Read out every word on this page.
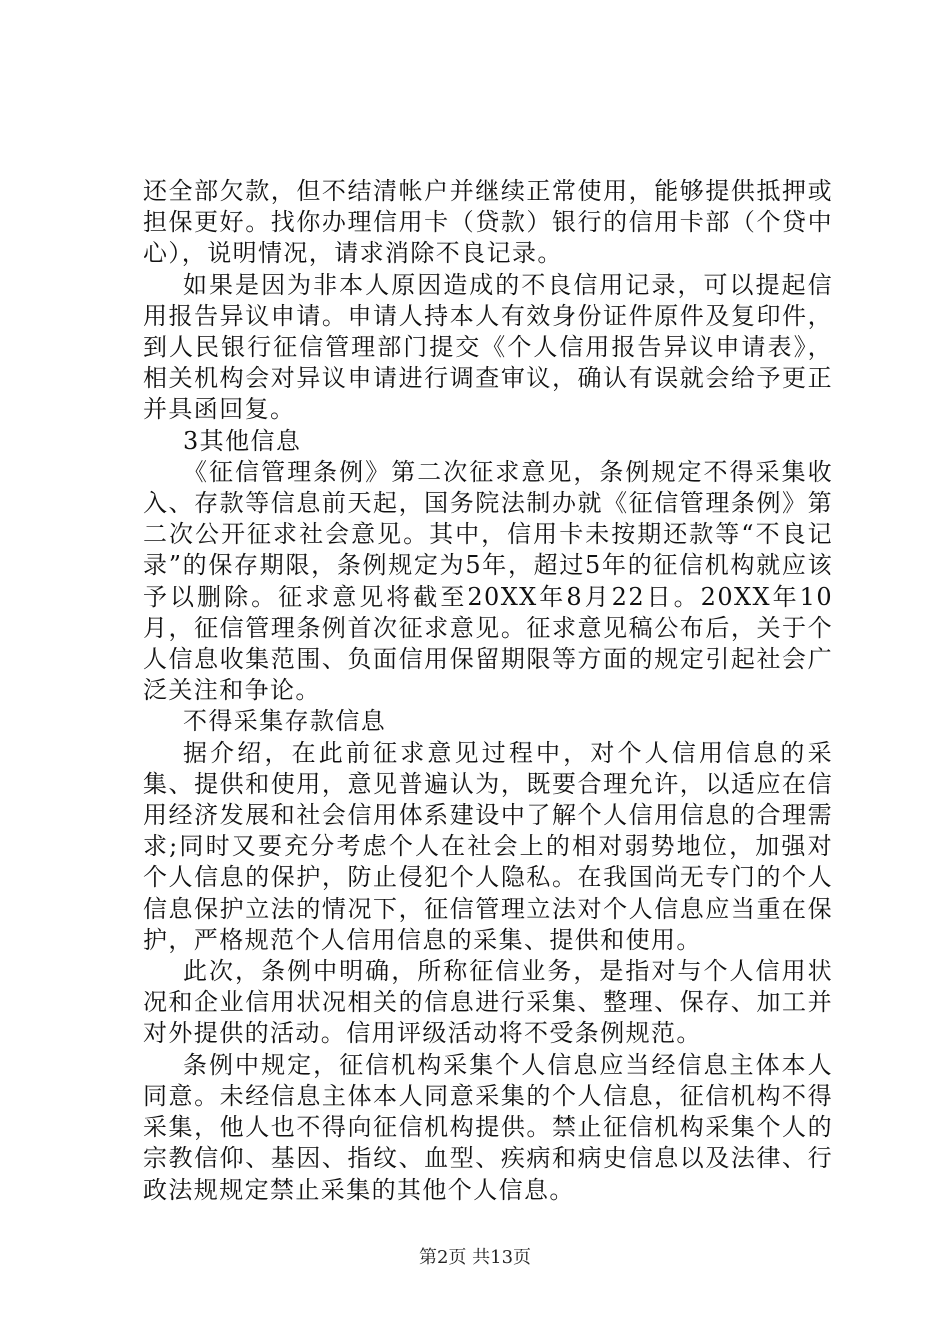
还全部欠款，但不结清帐户并继续正常使用，能够提供抵押或担保更好。找你办理信用卡（贷款）银行的信用卡部（个贷中心），说明情况，请求消除不良记录。

如果是因为非本人原因造成的不良信用记录，可以提起信用报告异议申请。申请人持本人有效身份证件原件及复印件，到人民银行征信管理部门提交《个人信用报告异议申请表》，相关机构会对异议申请进行调查审议，确认有误就会给予更正并具函回复。

3其他信息

《征信管理条例》第二次征求意见，条例规定不得采集收入、存款等信息前天起，国务院法制办就《征信管理条例》第二次公开征求社会意见。其中，信用卡未按期还款等“不良记录”的保存期限，条例规定为5年，超过5年的征信机构就应该予以删除。征求意见将截至20XX年8月22日。20XX年10月，征信管理条例首次征求意见。征求意见稿公布后，关于个人信息收集范围、负面信用保留期限等方面的规定引起社会广泛关注和争论。

不得采集存款信息

据介绍，在此前征求意见过程中，对个人信用信息的采集、提供和使用，意见普遍认为，既要合理允许，以适应在信用经济发展和社会信用体系建设中了解个人信用信息的合理需求;同时又要充分考虑个人在社会上的相对弱势地位，加强对个人信息的保护，防止侵犯个人隐私。在我国尚无专门的个人信息保护立法的情况下，征信管理立法对个人信息应当重在保护，严格规范个人信用信息的采集、提供和使用。

此次，条例中明确，所称征信业务，是指对与个人信用状况和企业信用状况相关的信息进行采集、整理、保存、加工并对外提供的活动。信用评级活动将不受条例规范。

条例中规定，征信机构采集个人信息应当经信息主体本人同意。未经信息主体本人同意采集的个人信息，征信机构不得采集，他人也不得向征信机构提供。禁止征信机构采集个人的宗教信仰、基因、指纹、血型、疾病和病史信息以及法律、行政法规规定禁止采集的其他个人信息。

第2页 共13页
